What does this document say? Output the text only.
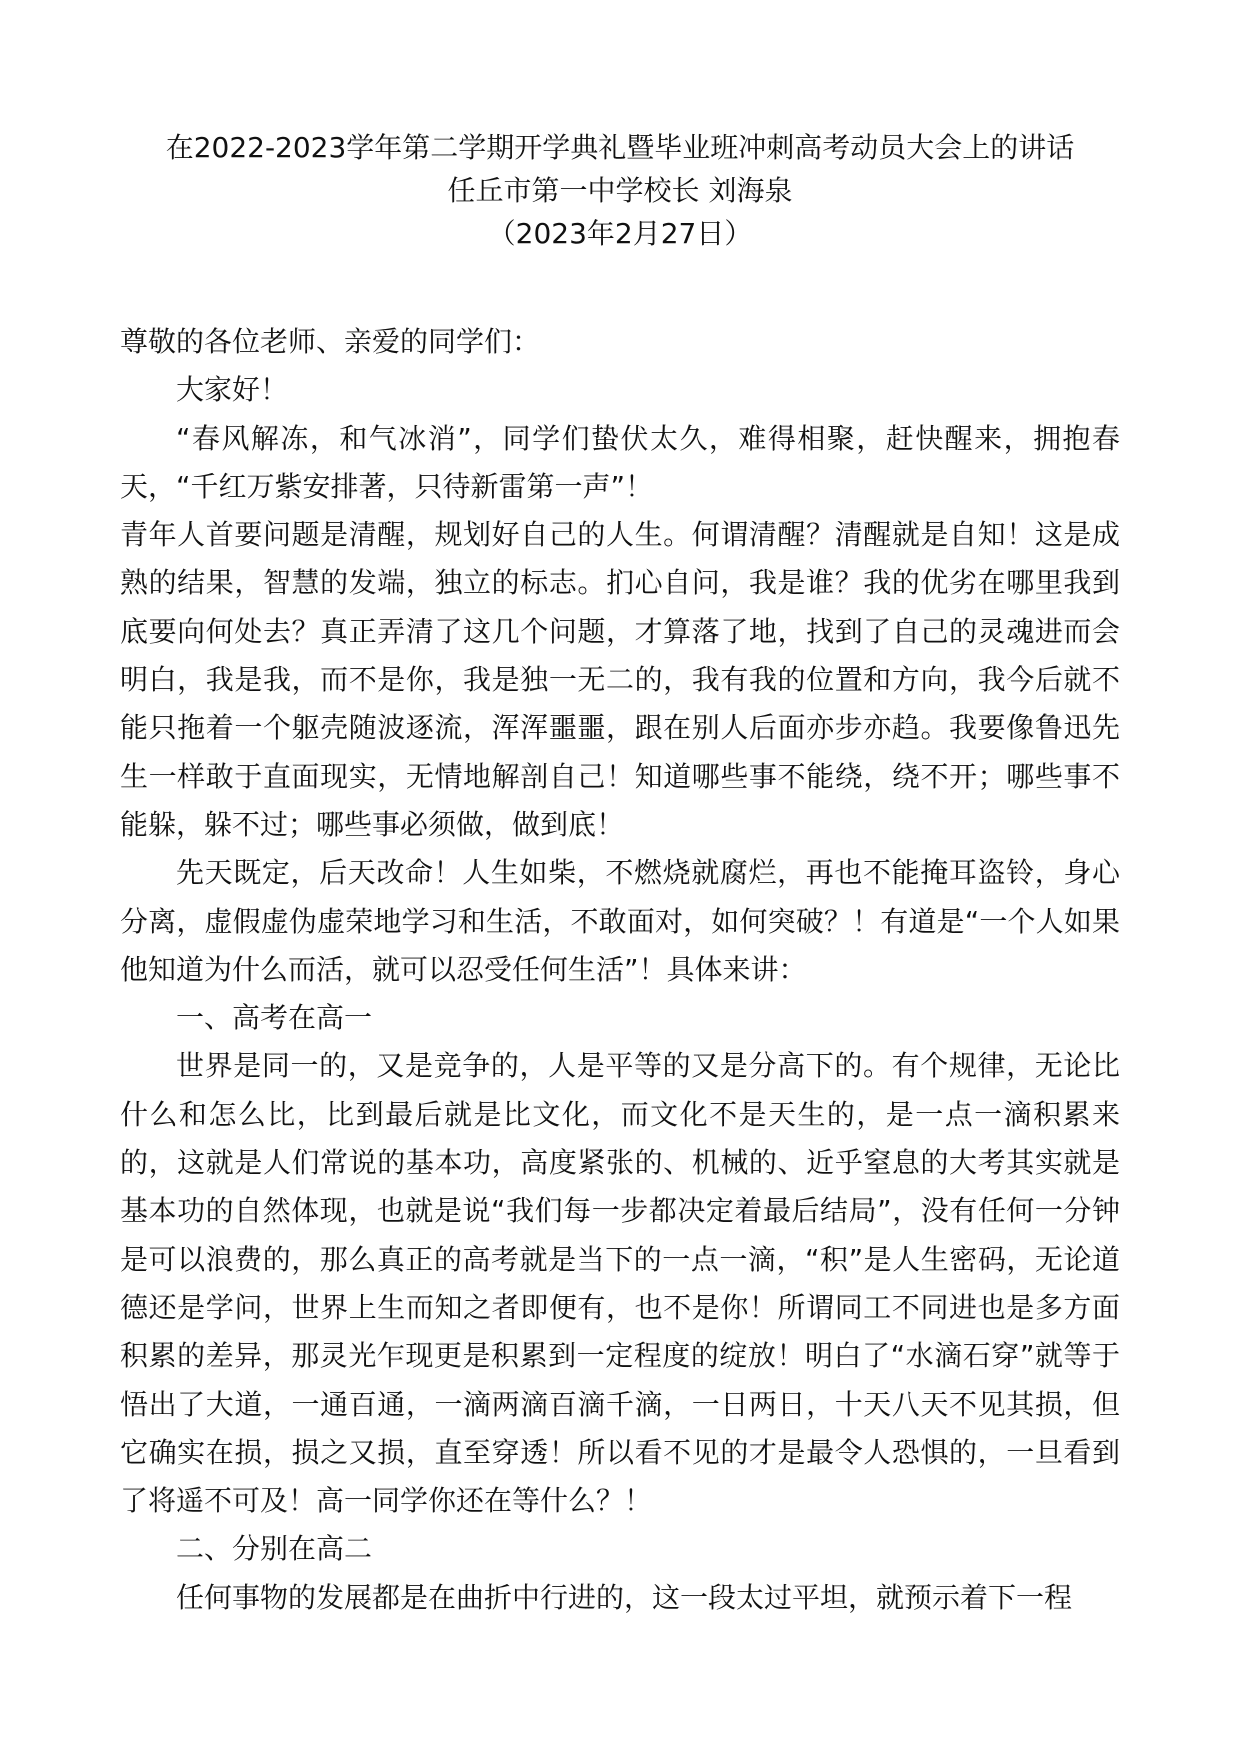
在2022-2023学年第二学期开学典礼暨毕业班冲刺高考动员大会上的讲话
任丘市第一中学校长 刘海泉
（2023年2月27日）

尊敬的各位老师、亲爱的同学们：

大家好！

“春风解冻，和气冰消”，同学们蛰伏太久，难得相聚，赶快醒来，拥抱春天，“千红万紫安排著，只待新雷第一声”！

青年人首要问题是清醒，规划好自己的人生。何谓清醒？清醒就是自知！这是成熟的结果，智慧的发端，独立的标志。扪心自问，我是谁？我的优劣在哪里我到底要向何处去？真正弄清了这几个问题，才算落了地，找到了自己的灵魂进而会明白，我是我，而不是你，我是独一无二的，我有我的位置和方向，我今后就不能只拖着一个躯壳随波逐流，浑浑噩噩，跟在别人后面亦步亦趋。我要像鲁迅先生一样敢于直面现实，无情地解剖自己！知道哪些事不能绕，绕不开；哪些事不能躲，躲不过；哪些事必须做，做到底！

先天既定，后天改命！人生如柴，不燃烧就腐烂，再也不能掩耳盗铃，身心分离，虚假虚伪虚荣地学习和生活，不敢面对，如何突破？！有道是“一个人如果他知道为什么而活，就可以忍受任何生活”！具体来讲：

一、高考在高一

世界是同一的，又是竞争的，人是平等的又是分高下的。有个规律，无论比什么和怎么比，比到最后就是比文化，而文化不是天生的，是一点一滴积累来的，这就是人们常说的基本功，高度紧张的、机械的、近乎窒息的大考其实就是基本功的自然体现，也就是说“我们每一步都决定着最后结局”，没有任何一分钟是可以浪费的，那么真正的高考就是当下的一点一滴，“积”是人生密码，无论道德还是学问，世界上生而知之者即便有，也不是你！所谓同工不同进也是多方面积累的差异，那灵光乍现更是积累到一定程度的绽放！明白了“水滴石穿”就等于悟出了大道，一通百通，一滴两滴百滴千滴，一日两日，十天八天不见其损，但它确实在损，损之又损，直至穿透！所以看不见的才是最令人恐惧的，一旦看到了将遥不可及！高一同学你还在等什么？！

二、分别在高二

任何事物的发展都是在曲折中行进的，这一段太过平坦，就预示着下一程
